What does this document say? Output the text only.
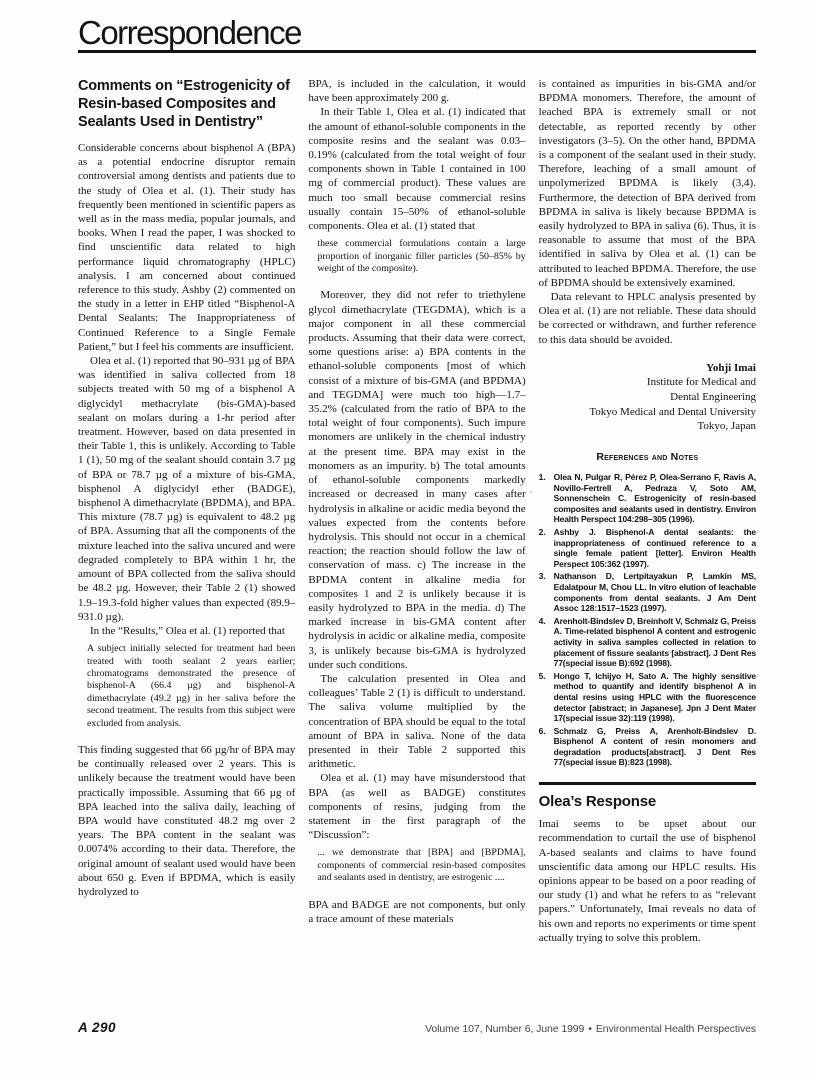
Correspondence
Comments on “Estrogenicity of Resin-based Composites and Sealants Used in Dentistry”

Considerable concerns about bisphenol A (BPA) as a potential endocrine disruptor remain controversial among dentists and patients due to the study of Olea et al. (1). Their study has frequently been mentioned in scientific papers as well as in the mass media, popular journals, and books. When I read the paper, I was shocked to find unscientific data related to high performance liquid chromatography (HPLC) analysis. I am concerned about continued reference to this study. Ashby (2) commented on the study in a letter in EHP titled “Bisphenol-A Dental Sealants: The Inappropriateness of Continued Reference to a Single Female Patient,” but I feel his comments are insufficient.

Olea et al. (1) reported that 90–931 µg of BPA was identified in saliva collected from 18 subjects treated with 50 mg of a bisphenol A diglycidyl methacrylate (bis-GMA)-based sealant on molars during a 1-hr period after treatment. However, based on data presented in their Table 1, this is unlikely. According to Table 1 (1), 50 mg of the sealant should contain 3.7 µg of BPA or 78.7 µg of a mixture of bis-GMA, bisphenol A diglycidyl ether (BADGE), bisphenol A dimethacrylate (BPDMA), and BPA. This mixture (78.7 µg) is equivalent to 48.2 µg of BPA. Assuming that all the components of the mixture leached into the saliva uncured and were degraded completely to BPA within 1 hr, the amount of BPA collected from the saliva should be 48.2 µg. However, their Table 2 (1) showed 1.9–19.3-fold higher values than expected (89.9–931.0 µg).

In the “Results,” Olea et al. (1) reported that

A subject initially selected for treatment had been treated with tooth sealant 2 years earlier; chromatograms demonstrated the presence of bisphenol-A (66.4 µg) and bisphenol-A dimethacrylate (49.2 µg) in her saliva before the second treatment. The results from this subject were excluded from analysis.

This finding suggested that 66 µg/hr of BPA may be continually released over 2 years. This is unlikely because the treatment would have been practically impossible. Assuming that 66 µg of BPA leached into the saliva daily, leaching of BPA would have constituted 48.2 mg over 2 years. The BPA content in the sealant was 0.0074% according to their data. Therefore, the original amount of sealant used would have been about 650 g. Even if BPDMA, which is easily hydrolyzed to

BPA, is included in the calculation, it would have been approximately 200 g.

In their Table 1, Olea et al. (1) indicated that the amount of ethanol-soluble components in the composite resins and the sealant was 0.03–0.19% (calculated from the total weight of four components shown in Table 1 contained in 100 mg of commercial product). These values are much too small because commercial resins usually contain 15–50% of ethanol-soluble components. Olea et al. (1) stated that

these commercial formulations contain a large proportion of inorganic filler particles (50–85% by weight of the composite).

Moreover, they did not refer to triethylene glycol dimethacrylate (TEGDMA), which is a major component in all these commercial products. Assuming that their data were correct, some questions arise: a) BPA contents in the ethanol-soluble components [most of which consist of a mixture of bis-GMA (and BPDMA) and TEGDMA] were much too high—1.7–35.2% (calculated from the ratio of BPA to the total weight of four components). Such impure monomers are unlikely in the chemical industry at the present time. BPA may exist in the monomers as an impurity. b) The total amounts of ethanol-soluble components markedly increased or decreased in many cases after hydrolysis in alkaline or acidic media beyond the values expected from the contents before hydrolysis. This should not occur in a chemical reaction; the reaction should follow the law of conservation of mass. c) The increase in the BPDMA content in alkaline media for composites 1 and 2 is unlikely because it is easily hydrolyzed to BPA in the media. d) The marked increase in bis-GMA content after hydrolysis in acidic or alkaline media, composite 3, is unlikely because bis-GMA is hydrolyzed under such conditions.

The calculation presented in Olea and colleagues’ Table 2 (1) is difficult to understand. The saliva volume multiplied by the concentration of BPA should be equal to the total amount of BPA in saliva. None of the data presented in their Table 2 supported this arithmetic.

Olea et al. (1) may have misunderstood that BPA (as well as BADGE) constitutes components of resins, judging from the statement in the first paragraph of the “Discussion”:

... we demonstrate that [BPA] and [BPDMA], components of commercial resin-based composites and sealants used in dentistry, are estrogenic ....

BPA and BADGE are not components, but only a trace amount of these materials

·

is contained as impurities in bis-GMA and/or BPDMA monomers. Therefore, the amount of leached BPA is extremely small or not detectable, as reported recently by other investigators (3–5). On the other hand, BPDMA is a component of the sealant used in their study. Therefore, leaching of a small amount of unpolymerized BPDMA is likely (3,4). Furthermore, the detection of BPA derived from BPDMA in saliva is likely because BPDMA is easily hydrolyzed to BPA in saliva (6). Thus, it is reasonable to assume that most of the BPA identified in saliva by Olea et al. (1) can be attributed to leached BPDMA. Therefore, the use of BPDMA should be extensively examined.

Data relevant to HPLC analysis presented by Olea et al. (1) are not reliable. These data should be corrected or withdrawn, and further reference to this data should be avoided.

Yohji Imai
Institute for Medical and
Dental Engineering
Tokyo Medical and Dental University
Tokyo, Japan
References and Notes
1. Olea N, Pulgar R, Pérez P, Olea-Serrano F, Ravis A, Novillo-Fertrell A, Pedraza V, Soto AM, Sonnenschein C. Estrogenicity of resin-based composites and sealants used in dentistry. Environ Health Perspect 104:298–305 (1996).
2. Ashby J. Bisphenol-A dental sealants: the inappropriateness of continued reference to a single female patient [letter]. Environ Health Perspect 105:362 (1997).
3. Nathanson D, Lertpitayakun P, Lamkin MS, Edalatpour M, Chou LL. In vitro elution of leachable components from dental sealants. J Am Dent Assoc 128:1517–1523 (1997).
4. Arenholt-Bindslev D, Breinholt V, Schmalz G, Preiss A. Time-related bisphenol A content and estrogenic activity in saliva samples collected in relation to placement of fissure sealants [abstract]. J Dent Res 77(special issue B):692 (1998).
5. Hongo T, Ichijyo H, Sato A. The highly sensitive method to quantify and identify bisphenol A in dental resins using HPLC with the fluorescence detector [abstract; in Japanese]. Jpn J Dent Mater 17(special issue 32):119 (1998).
6. Schmalz G, Preiss A, Arenholt-Bindslev D. Bisphenol A content of resin monomers and degradation products[abstract]. J Dent Res 77(special issue B):823 (1998).
Olea’s Response

Imai seems to be upset about our recommendation to curtail the use of bisphenol A-based sealants and claims to have found unscientific data among our HPLC results. His opinions appear to be based on a poor reading of our study (1) and what he refers to as “relevant papers.” Unfortunately, Imai reveals no data of his own and reports no experiments or time spent actually trying to solve this problem.

A 290	Volume 107, Number 6, June 1999 • Environmental Health Perspectives
